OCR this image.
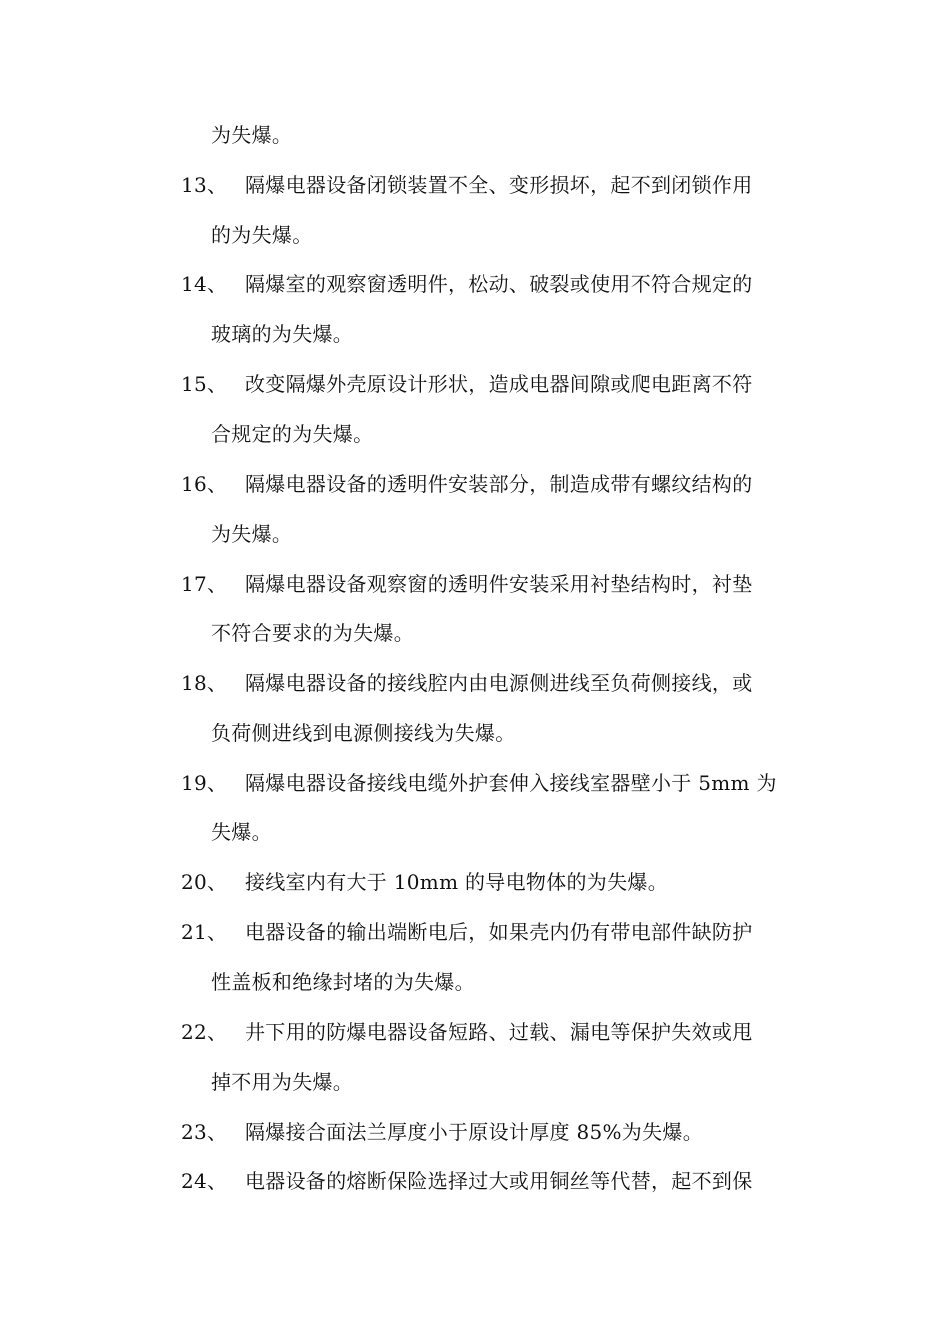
为失爆。
13、 隔爆电器设备闭锁装置不全、变形损坏，起不到闭锁作用
的为失爆。
14、 隔爆室的观察窗透明件，松动、破裂或使用不符合规定的
玻璃的为失爆。
15、 改变隔爆外壳原设计形状，造成电器间隙或爬电距离不符
合规定的为失爆。
16、 隔爆电器设备的透明件安装部分，制造成带有螺纹结构的
为失爆。
17、 隔爆电器设备观察窗的透明件安装采用衬垫结构时，衬垫
不符合要求的为失爆。
18、 隔爆电器设备的接线腔内由电源侧进线至负荷侧接线，或
负荷侧进线到电源侧接线为失爆。
19、 隔爆电器设备接线电缆外护套伸入接线室器壁小于 5mm 为
失爆。
20、 接线室内有大于 10mm 的导电物体的为失爆。
21、 电器设备的输出端断电后，如果壳内仍有带电部件缺防护
性盖板和绝缘封堵的为失爆。
22、 井下用的防爆电器设备短路、过载、漏电等保护失效或甩
掉不用为失爆。
23、 隔爆接合面法兰厚度小于原设计厚度 85%为失爆。
24、 电器设备的熔断保险选择过大或用铜丝等代替，起不到保
